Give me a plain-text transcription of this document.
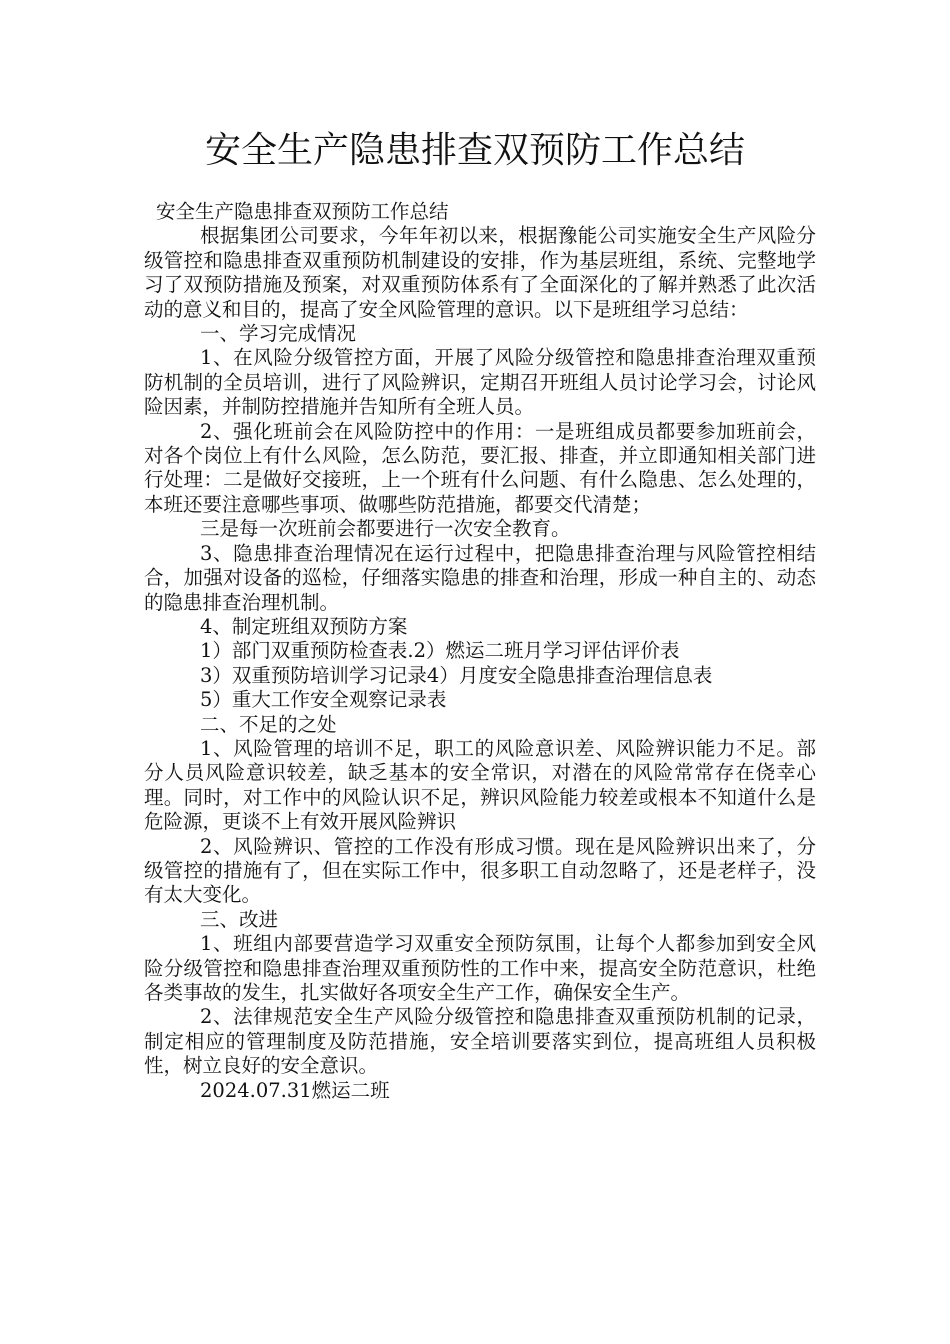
安全生产隐患排查双预防工作总结

安全生产隐患排查双预防工作总结

根据集团公司要求，今年年初以来，根据豫能公司实施安全生产风险分级管控和隐患排查双重预防机制建设的安排，作为基层班组，系统、完整地学习了双预防措施及预案，对双重预防体系有了全面深化的了解并熟悉了此次活动的意义和目的，提高了安全风险管理的意识。以下是班组学习总结：

一、学习完成情况

1、在风险分级管控方面，开展了风险分级管控和隐患排查治理双重预防机制的全员培训，进行了风险辨识，定期召开班组人员讨论学习会，讨论风险因素，并制防控措施并告知所有全班人员。

2、强化班前会在风险防控中的作用：一是班组成员都要参加班前会，对各个岗位上有什么风险，怎么防范，要汇报、排查，并立即通知相关部门进行处理：二是做好交接班，上一个班有什么问题、有什么隐患、怎么处理的，本班还要注意哪些事项、做哪些防范措施，都要交代清楚；

三是每一次班前会都要进行一次安全教育。

3、隐患排查治理情况在运行过程中，把隐患排查治理与风险管控相结合，加强对设备的巡检，仔细落实隐患的排查和治理，形成一种自主的、动态的隐患排查治理机制。

4、制定班组双预防方案

1）部门双重预防检查表.2）燃运二班月学习评估评价表

3）双重预防培训学习记录4）月度安全隐患排查治理信息表

5）重大工作安全观察记录表

二、不足的之处

1、风险管理的培训不足，职工的风险意识差、风险辨识能力不足。部分人员风险意识较差，缺乏基本的安全常识，对潜在的风险常常存在侥幸心理。同时，对工作中的风险认识不足，辨识风险能力较差或根本不知道什么是危险源，更谈不上有效开展风险辨识

2、风险辨识、管控的工作没有形成习惯。现在是风险辨识出来了，分级管控的措施有了，但在实际工作中，很多职工自动忽略了，还是老样子，没有太大变化。

三、改进

1、班组内部要营造学习双重安全预防氛围，让每个人都参加到安全风险分级管控和隐患排查治理双重预防性的工作中来，提高安全防范意识，杜绝各类事故的发生，扎实做好各项安全生产工作，确保安全生产。

2、法律规范安全生产风险分级管控和隐患排查双重预防机制的记录，制定相应的管理制度及防范措施，安全培训要落实到位，提高班组人员积极性，树立良好的安全意识。

2024.07.31燃运二班
